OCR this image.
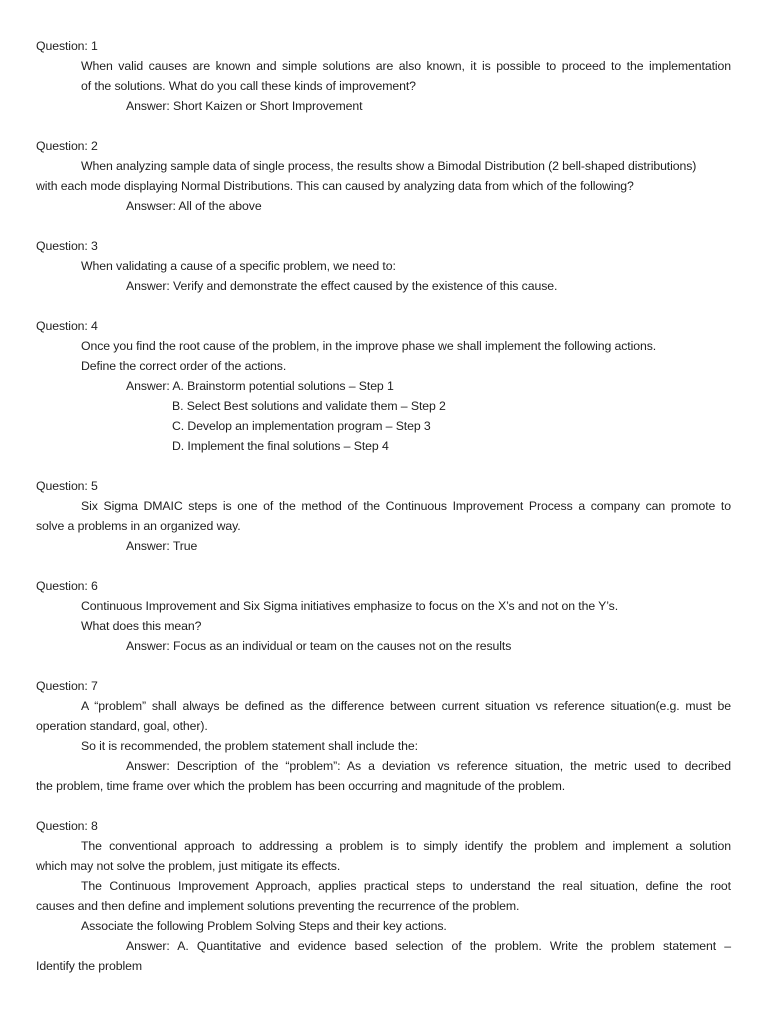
Question: 1
When valid causes are known and simple solutions are also known, it is possible to proceed to the implementation
of the solutions. What do you call these kinds of improvement?
Answer: Short Kaizen or Short Improvement
Question: 2
When analyzing sample data of single process, the results show a Bimodal Distribution (2 bell-shaped distributions)
with each mode displaying Normal Distributions. This can caused by analyzing data from which of the following?
Answser: All of the above
Question: 3
When validating a cause of a specific problem, we need to:
Answer: Verify and demonstrate the effect caused by the existence of this cause.
Question: 4
Once you find the root cause of the problem, in the improve phase we shall implement the following actions.
Define the correct order of the actions.
Answer: A. Brainstorm potential solutions – Step 1
B. Select Best solutions and validate them – Step 2
C. Develop an implementation program – Step 3
D. Implement the final solutions – Step 4
Question: 5
Six Sigma DMAIC steps is one of the method of the Continuous Improvement Process a company can promote to
solve a problems in an organized way.
Answer: True
Question: 6
Continuous Improvement and Six Sigma initiatives emphasize to focus on the X’s and not on the Y’s.
What does this mean?
Answer: Focus as an individual or team on the causes not on the results
Question: 7
A “problem” shall always be defined as the difference between current situation vs reference situation(e.g. must be
operation standard, goal, other).
So it is recommended, the problem statement shall include the:
Answer: Description of the “problem”: As a deviation vs reference situation, the metric used to decribed
the problem, time frame over which the problem has been occurring and magnitude of the problem.
Question: 8
The conventional approach to addressing a problem is to simply identify the problem and implement a solution
which may not solve the problem, just mitigate its effects.
The Continuous Improvement Approach, applies practical steps to understand the real situation, define the root
causes and then define and implement solutions preventing the recurrence of the problem.
Associate the following Problem Solving Steps and their key actions.
Answer: A. Quantitative and evidence based selection of the problem. Write the problem statement –
Identify the problem
